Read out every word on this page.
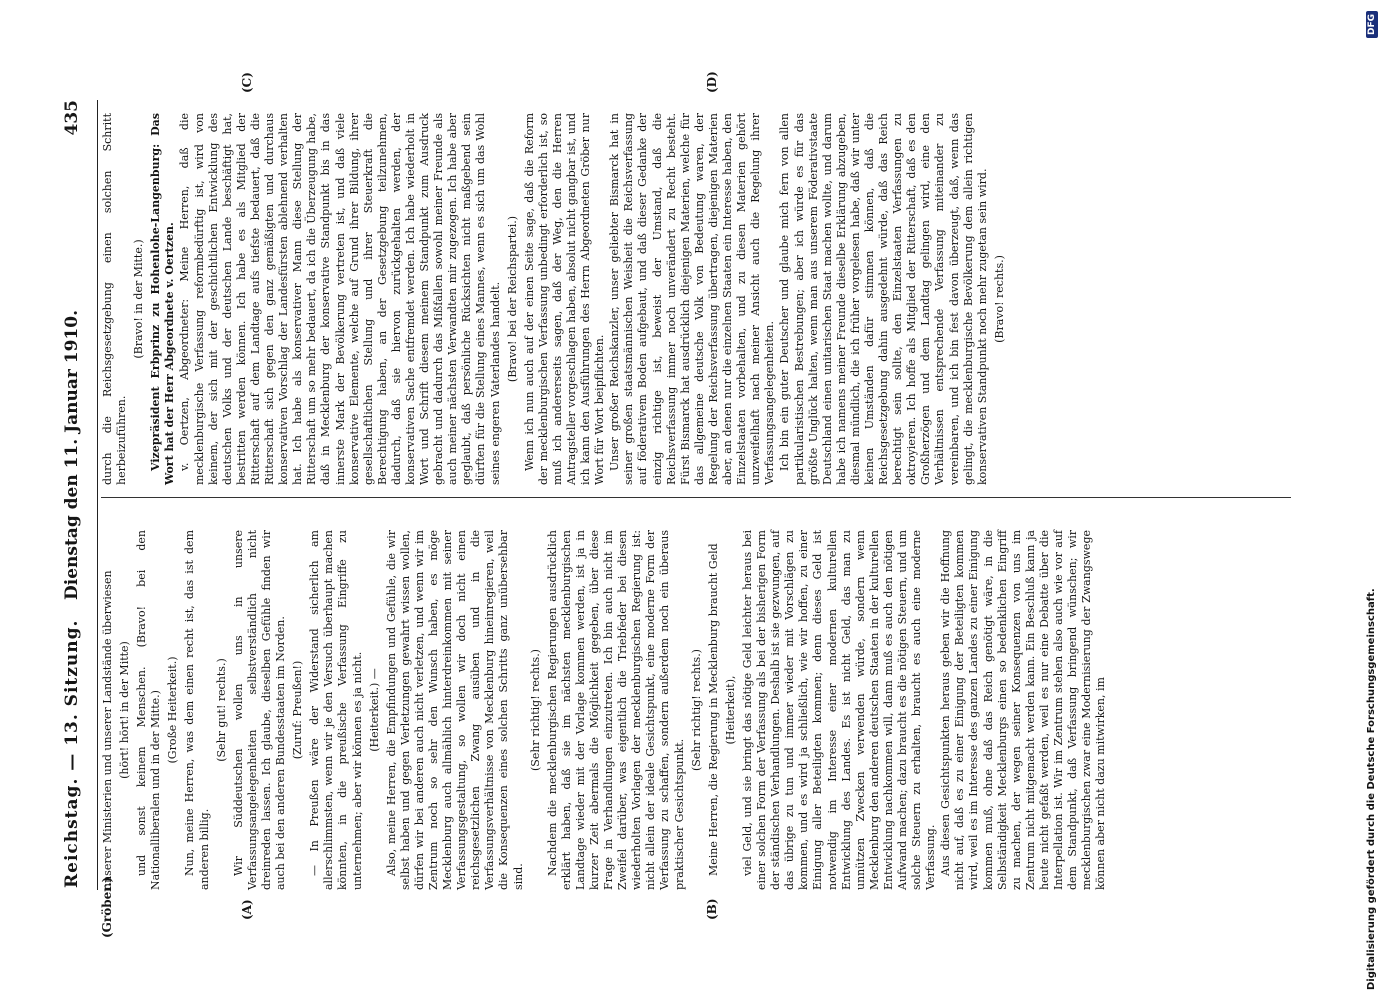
Reichstag. — 13. Sitzung.
Dienstag den 11. Januar 1910.
435
(Gröber.)	(A)	(B)
(C)	(D)

unserer Ministerien und unserer Landstände überwiesen (hört! hört! in der Mitte) und sonst keinem Menschen. (Bravo! bei den Nationalliberalen und in der Mitte.) (Große Heiterkeit.) Nun, meine Herren, was dem einen recht ist, das ist dem anderen billig.

(Sehr gut! rechts.) Wir Süddeutschen wollen uns in unsere Verfassungsangelegenheiten selbstverständlich nicht dreinreden lassen. Ich glaube, dieselben Gefühle finden wir auch bei den anderen Bundesstaaten im Norden. (Zuruf: Preußen!) — In Preußen wäre der Widerstand sicherlich am allerschlimmsten, wenn wir je den Versuch überhaupt machen könnten, in die preußische Verfassung Eingriffe zu unternehmen; aber wir können es ja nicht. (Heiterkeit.) — Also, meine Herren, die Empfindungen und Gefühle, die wir selbst haben und gegen Verletzungen gewahrt wissen wollen, dürfen wir bei anderen auch nicht verletzen, und wenn wir im Zentrum noch so sehr den Wunsch haben, es möge Mecklenburg auch allmählich hinterdreinkommen mit seiner Verfassungsgestaltung, so wollen wir doch nicht einen reichsgesetzlichen Zwang ausüben und in die Verfassungsverhältnisse von Mecklenburg hineinregieren, weil die Konsequenzen eines solchen Schritts ganz unübersehbar sind.

(Sehr richtig! rechts.) Nachdem die mecklenburgischen Regierungen ausdrücklich erklärt haben, daß sie im nächsten mecklenburgischen Landtage wieder mit der Vorlage kommen werden, ist ja in kurzer Zeit abermals die Möglichkeit gegeben, über diese Frage in Verhandlungen einzutreten. Ich bin auch nicht im Zweifel darüber, was eigentlich die Triebfeder bei diesen wiederholten Vorlagen der mecklenburgischen Regierung ist: nicht allein der ideale Gesichtspunkt, eine moderne Form der Verfassung zu schaffen, sondern außerdem noch ein überaus praktischer Gesichtspunkt.

(Sehr richtig! rechts.) Meine Herren, die Regierung in Mecklenburg braucht Geld (Heiterkeit), viel Geld, und sie bringt das nötige Geld leichter heraus bei einer solchen Form der Verfassung als bei der bisherigen Form der ständischen Verhandlungen. Deshalb ist sie gezwungen, auf das übrige zu tun und immer wieder mit Vorschlägen zu kommen, und es wird ja schließlich, wie wir hoffen, zu einer Einigung aller Beteiligten kommen; denn dieses Geld ist notwendig im Interesse einer modernen kulturellen Entwicklung des Landes. Es ist nicht Geld, das man zu unnützen Zwecken verwenden würde, sondern wenn Mecklenburg den anderen deutschen Staaten in der kulturellen Entwicklung nachkommen will, dann muß es auch den nötigen Aufwand machen; dazu braucht es die nötigen Steuern, und um solche Steuern zu erhalten, braucht es auch eine moderne Verfassung. Aus diesen Gesichtspunkten heraus geben wir die Hoffnung nicht auf, daß es zu einer Einigung der Beteiligten kommen wird, weil es im Interesse des ganzen Landes zu einer Einigung kommen muß, ohne daß das Reich genötigt wäre, in die Selbständigkeit Mecklenburgs einen so bedenklichen Eingriff zu machen, der wegen seiner Konsequenzen von uns im Zentrum nicht mitgemacht werden kann. Ein Beschluß kann ja heute nicht gefaßt werden, weil es nur eine Debatte über die Interpellation ist. Wir im Zentrum stehen also auch wie vor auf dem Standpunkt, daß Verfassung bringend wünschen; wir mecklenburgischen zwar eine Modernisierung der Zwangswege können aber nicht dazu mitwirken, im

durch die Reichsgesetzgebung einen solchen Schritt herbeizuführen.

(Bravo! in der Mitte.) Vizepräsident Erbprinz zu Hohenlohe-Langenburg: Das Wort hat der Herr Abgeordnete v. Oertzen. v. Oertzen, Abgeordneter: Meine Herren, daß die mecklenburgische Verfassung reformbedürftig ist, wird von keinem, der sich mit der geschichtlichen Entwicklung des deutschen Volks und der deutschen Lande beschäftigt hat, bestritten werden können. Ich habe es als Mitglied der Ritterschaft auf dem Landtage aufs tiefste bedauert, daß die Ritterschaft sich gegen den ganz gemäßigten und durchaus konservativen Vorschlag der Landesfürsten ablehnend verhalten hat. Ich habe als konservativer Mann diese Stellung der Ritterschaft um so mehr bedauert, da ich die Überzeugung habe, daß in Mecklenburg der konservative Standpunkt bis in das innerste Mark der Bevölkerung vertreten ist, und daß viele konservative Elemente, welche auf Grund ihrer Bildung, ihrer gesellschaftlichen Stellung und ihrer Steuerkraft die Berechtigung haben, an der Gesetzgebung teilzunehmen, dadurch, daß sie hiervon zurückgehalten werden, der konservativen Sache entfremdet werden. Ich habe wiederholt in Wort und Schrift diesem meinem Standpunkt zum Ausdruck gebracht und dadurch das Mißfallen sowohl meiner Freunde als auch meiner nächsten Verwandten mir zugezogen. Ich habe aber geglaubt, daß persönliche Rücksichten nicht maßgebend sein dürften für die Stellung eines Mannes, wenn es sich um das Wohl seines engeren Vaterlandes handelt. (Bravo! bei der Reichspartei.) Wenn ich nun auch auf der einen Seite sage, daß die Reform der mecklenburgischen Verfassung unbedingt erforderlich ist, so muß ich andererseits sagen, daß der Weg, den die Herren Antragsteller vorgeschlagen haben, absolut nicht gangbar ist, und ich kann den Ausführungen des Herrn Abgeordneten Gröber nur Wort für Wort beipflichten. Unser großer Reichskanzler, unser geliebter Bismarck hat in seiner großen staatsmännischen Weisheit die Reichsverfassung auf föderativem Boden aufgebaut, und daß dieser Gedanke der einzig richtige ist, beweist der Umstand, daß die Reichsverfassung immer noch unverändert zu Recht besteht. Fürst Bismarck hat ausdrücklich diejenigen Materien, welche für das allgemeine deutsche Volk von Bedeutung waren, der Regelung der Reichsverfassung übertragen, diejenigen Materien aber, an denen nur die einzelnen Staaten ein Interesse haben, den Einzelstaaten vorbehalten, und zu diesen Materien gehört unzweifelhaft nach meiner Ansicht auch die Regelung ihrer Verfassungsangelegenheiten. Ich bin ein guter Deutscher und glaube mich fern von allen partikularistischen Bestrebungen; aber ich würde es für das größte Unglück halten, wenn man aus unserem Föderativstaate Deutschland einen unitarischen Staat machen wollte, und darum habe ich namens meiner Freunde dieselbe Erklärung abzugeben, diesmal mündlich, die ich früher vorgelesen habe, daß wir unter keinen Umständen dafür stimmen können, daß die Reichsgesetzgebung dahin ausgedehnt würde, daß das Reich berechtigt sein sollte, den Einzelstaaten Verfassungen zu oktroyieren. Ich hoffe als Mitglied der Ritterschaft, daß es den Großherzögen und dem Landtag gelingen wird, eine den Verhältnissen entsprechende Verfassung miteinander zu vereinbaren, und ich bin fest davon überzeugt, daß, wenn das gelingt, die mecklenburgische Bevölkerung dem allein richtigen konservativen Standpunkt noch mehr zugetan sein wird. (Bravo! rechts.)

Digitalisierung gefördert durch die Deutsche Forschungsgemeinschaft.
DFG
